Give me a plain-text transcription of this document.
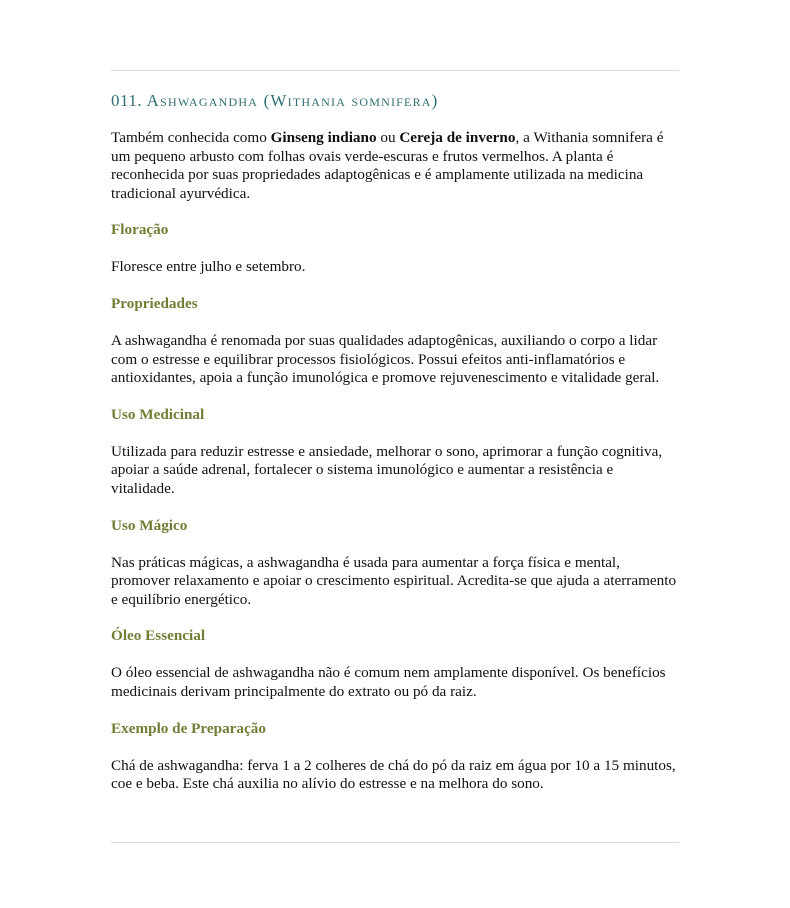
011. Ashwagandha (Withania somnifera)

Também conhecida como Ginseng indiano ou Cereja de inverno, a Withania somnifera é um pequeno arbusto com folhas ovais verde-escuras e frutos vermelhos. A planta é reconhecida por suas propriedades adaptogênicas e é amplamente utilizada na medicina tradicional ayurvédica.

Floração

Floresce entre julho e setembro.

Propriedades

A ashwagandha é renomada por suas qualidades adaptogênicas, auxiliando o corpo a lidar com o estresse e equilibrar processos fisiológicos. Possui efeitos anti-inflamatórios e antioxidantes, apoia a função imunológica e promove rejuvenescimento e vitalidade geral.

Uso Medicinal

Utilizada para reduzir estresse e ansiedade, melhorar o sono, aprimorar a função cognitiva, apoiar a saúde adrenal, fortalecer o sistema imunológico e aumentar a resistência e vitalidade.

Uso Mágico

Nas práticas mágicas, a ashwagandha é usada para aumentar a força física e mental, promover relaxamento e apoiar o crescimento espiritual. Acredita-se que ajuda a aterramento e equilíbrio energético.

Óleo Essencial

O óleo essencial de ashwagandha não é comum nem amplamente disponível. Os benefícios medicinais derivam principalmente do extrato ou pó da raiz.

Exemplo de Preparação

Chá de ashwagandha: ferva 1 a 2 colheres de chá do pó da raiz em água por 10 a 15 minutos, coe e beba. Este chá auxilia no alívio do estresse e na melhora do sono.
